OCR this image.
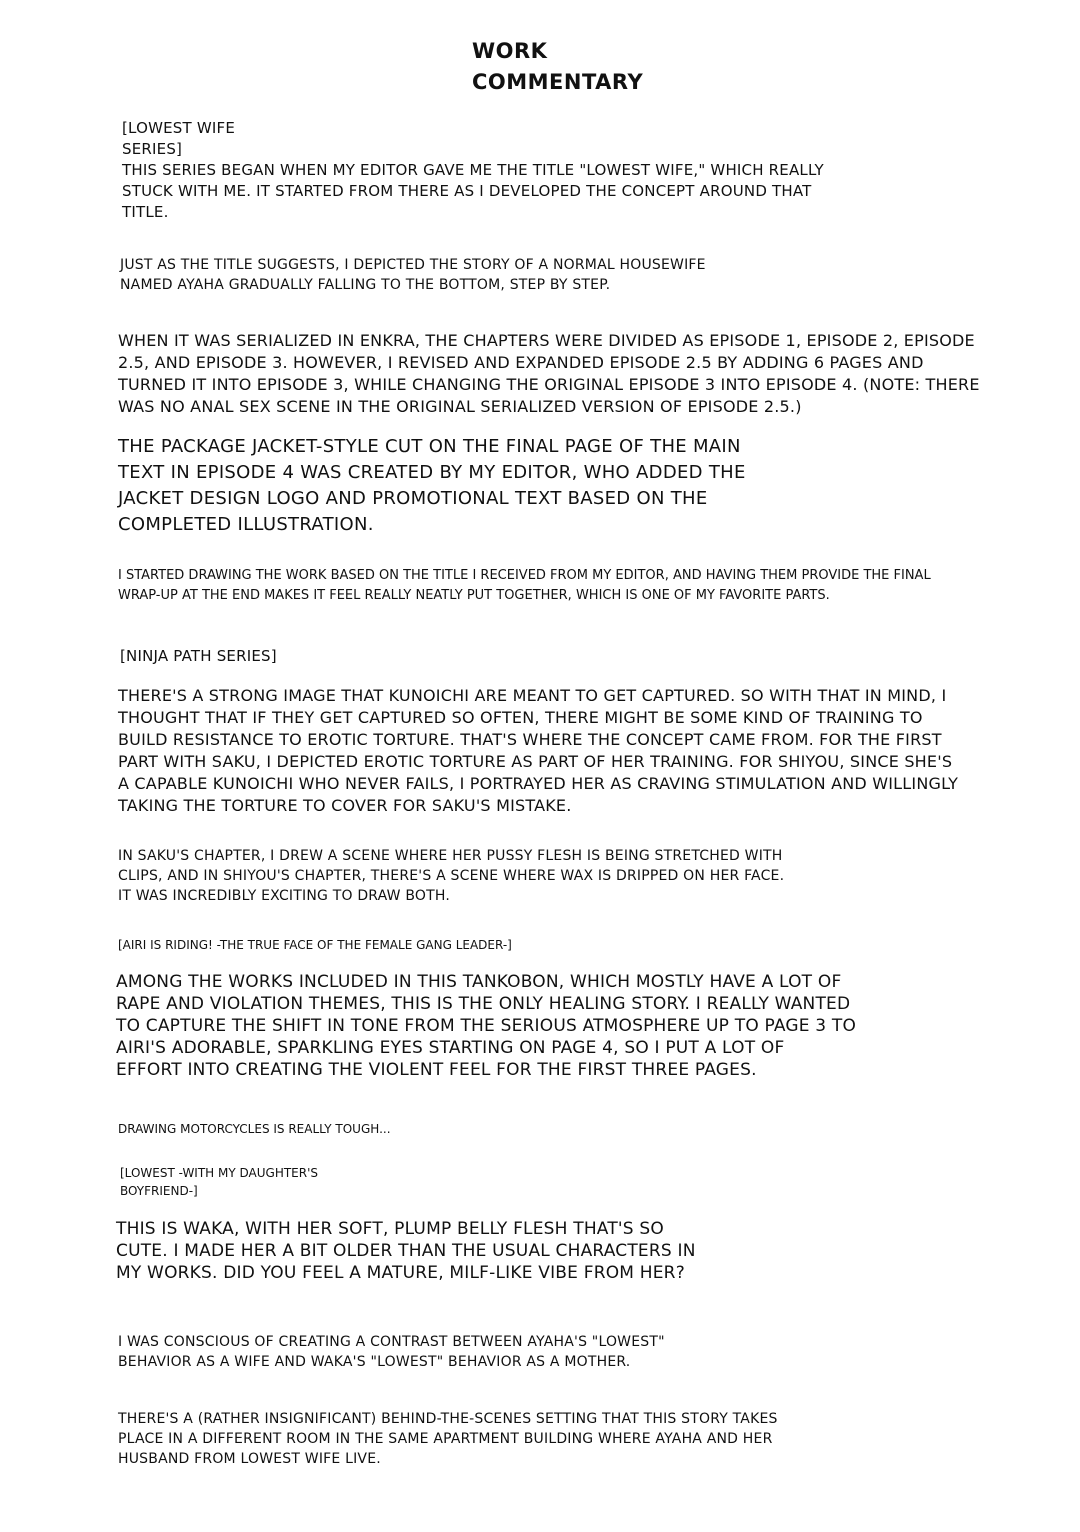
WORK
COMMENTARY

[LOWEST WIFE
SERIES]

THIS SERIES BEGAN WHEN MY EDITOR GAVE ME THE TITLE "LOWEST WIFE," WHICH REALLY
STUCK WITH ME. IT STARTED FROM THERE AS I DEVELOPED THE CONCEPT AROUND THAT
TITLE.

JUST AS THE TITLE SUGGESTS, I DEPICTED THE STORY OF A NORMAL HOUSEWIFE
NAMED AYAHA GRADUALLY FALLING TO THE BOTTOM, STEP BY STEP.

WHEN IT WAS SERIALIZED IN ENKRA, THE CHAPTERS WERE DIVIDED AS EPISODE 1, EPISODE 2, EPISODE
2.5, AND EPISODE 3. HOWEVER, I REVISED AND EXPANDED EPISODE 2.5 BY ADDING 6 PAGES AND
TURNED IT INTO EPISODE 3, WHILE CHANGING THE ORIGINAL EPISODE 3 INTO EPISODE 4. (NOTE: THERE
WAS NO ANAL SEX SCENE IN THE ORIGINAL SERIALIZED VERSION OF EPISODE 2.5.)

THE PACKAGE JACKET-STYLE CUT ON THE FINAL PAGE OF THE MAIN
TEXT IN EPISODE 4 WAS CREATED BY MY EDITOR, WHO ADDED THE
JACKET DESIGN LOGO AND PROMOTIONAL TEXT BASED ON THE
COMPLETED ILLUSTRATION.

I STARTED DRAWING THE WORK BASED ON THE TITLE I RECEIVED FROM MY EDITOR, AND HAVING THEM PROVIDE THE FINAL
WRAP-UP AT THE END MAKES IT FEEL REALLY NEATLY PUT TOGETHER, WHICH IS ONE OF MY FAVORITE PARTS.

[NINJA PATH SERIES]

THERE'S A STRONG IMAGE THAT KUNOICHI ARE MEANT TO GET CAPTURED. SO WITH THAT IN MIND, I
THOUGHT THAT IF THEY GET CAPTURED SO OFTEN, THERE MIGHT BE SOME KIND OF TRAINING TO
BUILD RESISTANCE TO EROTIC TORTURE. THAT'S WHERE THE CONCEPT CAME FROM. FOR THE FIRST
PART WITH SAKU, I DEPICTED EROTIC TORTURE AS PART OF HER TRAINING. FOR SHIYOU, SINCE SHE'S
A CAPABLE KUNOICHI WHO NEVER FAILS, I PORTRAYED HER AS CRAVING STIMULATION AND WILLINGLY
TAKING THE TORTURE TO COVER FOR SAKU'S MISTAKE.

IN SAKU'S CHAPTER, I DREW A SCENE WHERE HER PUSSY FLESH IS BEING STRETCHED WITH
CLIPS, AND IN SHIYOU'S CHAPTER, THERE'S A SCENE WHERE WAX IS DRIPPED ON HER FACE.
IT WAS INCREDIBLY EXCITING TO DRAW BOTH.

[AIRI IS RIDING! -THE TRUE FACE OF THE FEMALE GANG LEADER-]

AMONG THE WORKS INCLUDED IN THIS TANKOBON, WHICH MOSTLY HAVE A LOT OF
RAPE AND VIOLATION THEMES, THIS IS THE ONLY HEALING STORY. I REALLY WANTED
TO CAPTURE THE SHIFT IN TONE FROM THE SERIOUS ATMOSPHERE UP TO PAGE 3 TO
AIRI'S ADORABLE, SPARKLING EYES STARTING ON PAGE 4, SO I PUT A LOT OF
EFFORT INTO CREATING THE VIOLENT FEEL FOR THE FIRST THREE PAGES.

DRAWING MOTORCYCLES IS REALLY TOUGH...

[LOWEST -WITH MY DAUGHTER'S
BOYFRIEND-]

THIS IS WAKA, WITH HER SOFT, PLUMP BELLY FLESH THAT'S SO
CUTE. I MADE HER A BIT OLDER THAN THE USUAL CHARACTERS IN
MY WORKS. DID YOU FEEL A MATURE, MILF-LIKE VIBE FROM HER?

I WAS CONSCIOUS OF CREATING A CONTRAST BETWEEN AYAHA'S "LOWEST"
BEHAVIOR AS A WIFE AND WAKA'S "LOWEST" BEHAVIOR AS A MOTHER.

THERE'S A (RATHER INSIGNIFICANT) BEHIND-THE-SCENES SETTING THAT THIS STORY TAKES
PLACE IN A DIFFERENT ROOM IN THE SAME APARTMENT BUILDING WHERE AYAHA AND HER
HUSBAND FROM LOWEST WIFE LIVE.
